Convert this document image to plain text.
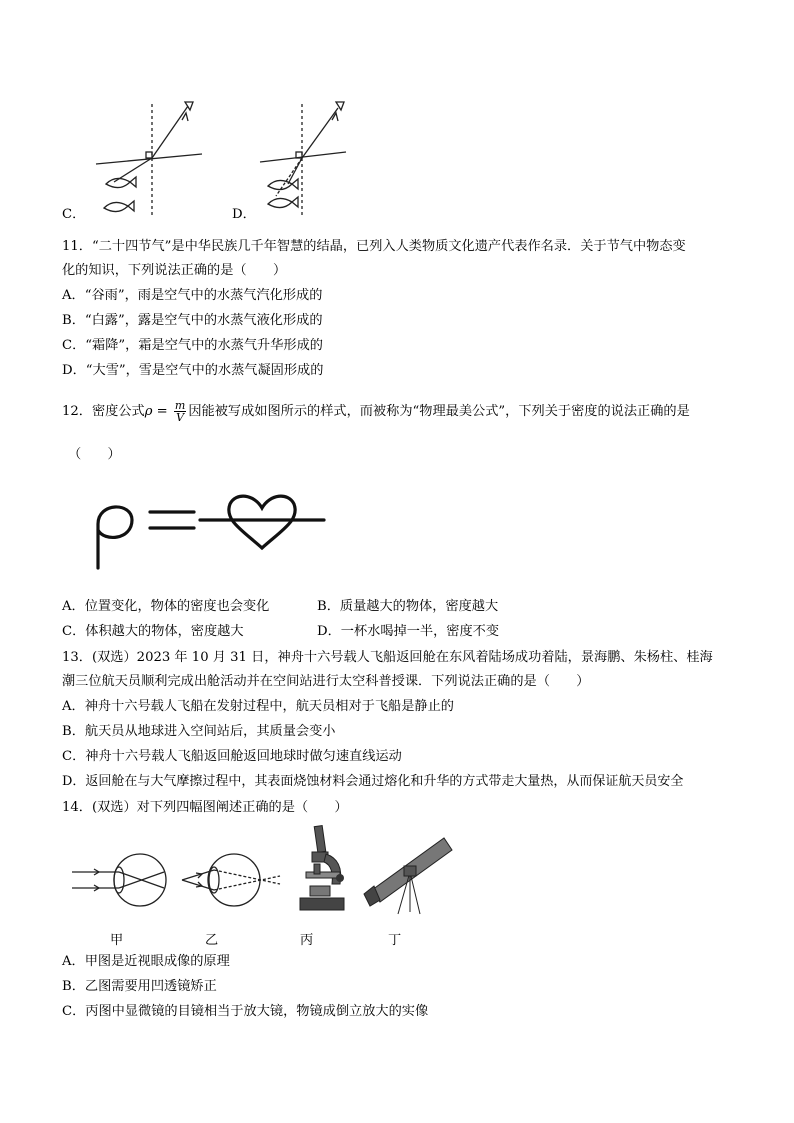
C．	D．
11．“二十四节气”是中华民族几千年智慧的结晶，已列入人类物质文化遗产代表作名录．关于节气中物态变
化的知识，下列说法正确的是（　　）
A．“谷雨”，雨是空气中的水蒸气汽化形成的
B．“白露”，露是空气中的水蒸气液化形成的
C．“霜降”，霜是空气中的水蒸气升华形成的
D．“大雪”，雪是空气中的水蒸气凝固形成的
12．密度公式$\rho = \frac{m}{V}$ 因能被写成如图所示的样式，而被称为“物理最美公式”，下列关于密度的说法正确的是
（　　）
A．位置变化，物体的密度也会变化	B．质量越大的物体，密度越大
C．体积越大的物体，密度越大	D．一杯水喝掉一半，密度不变
13．(双选）2023 年 10 月 31 日，神舟十六号载人飞船返回舱在东风着陆场成功着陆，景海鹏、朱杨柱、桂海
潮三位航天员顺利完成出舱活动并在空间站进行太空科普授课．下列说法正确的是（　　）
A．神舟十六号载人飞船在发射过程中，航天员相对于飞船是静止的
B．航天员从地球进入空间站后，其质量会变小
C．神舟十六号载人飞船返回舱返回地球时做匀速直线运动
D．返回舱在与大气摩擦过程中，其表面烧蚀材料会通过熔化和升华的方式带走大量热，从而保证航天员安全
14．(双选）对下列四幅图阐述正确的是（　　）
甲	乙	丙	丁
A．甲图是近视眼成像的原理
B．乙图需要用凹透镜矫正
C．丙图中显微镜的目镜相当于放大镜，物镜成倒立放大的实像
